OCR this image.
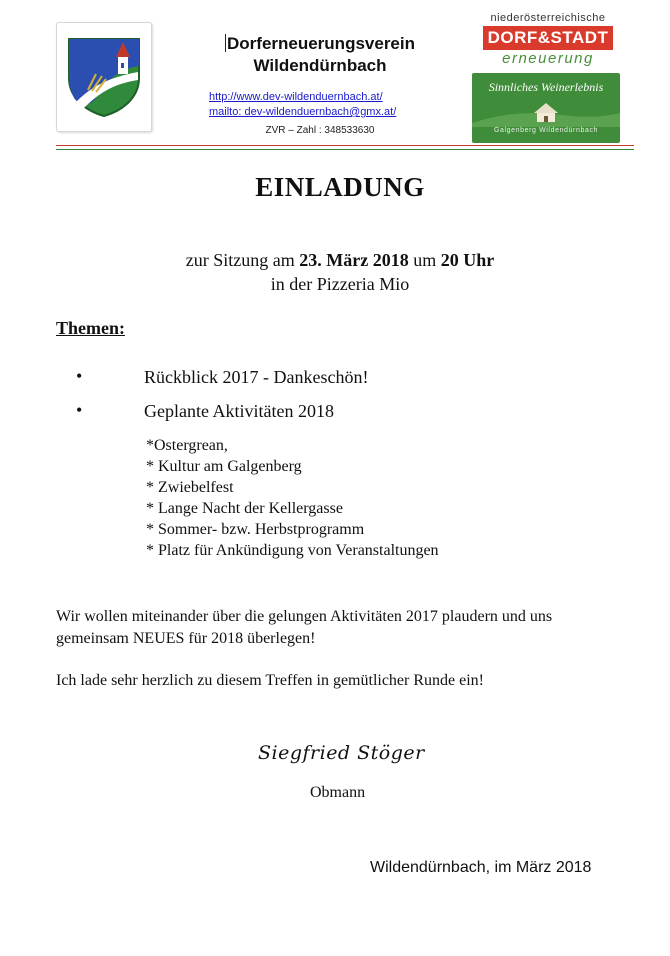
Dorferneuerungsverein
Wildendürnbach
http://www.dev-wildenduernbach.at/
mailto: dev-wildenduernbach@gmx.at/
ZVR – Zahl : 348533630
niederösterreichische
DORF&STADT
erneuerung
Sinnliches Weinerlebnis
Galgenberg Wildendürnbach
EINLADUNG
zur Sitzung am 23. März 2018 um 20 Uhr
in der Pizzeria Mio
Themen:
•	Rückblick 2017 - Dankeschön!
•	Geplante Aktivitäten 2018
*Ostergrean,
* Kultur am Galgenberg
* Zwiebelfest
* Lange Nacht der Kellergasse
* Sommer- bzw. Herbstprogramm
* Platz für Ankündigung von Veranstaltungen
Wir wollen miteinander über die gelungen Aktivitäten 2017 plaudern und uns gemeinsam NEUES für 2018 überlegen!
Ich lade sehr herzlich zu diesem Treffen in gemütlicher Runde ein!
Siegfried Stöger
Obmann
Wildendürnbach, im März 2018
